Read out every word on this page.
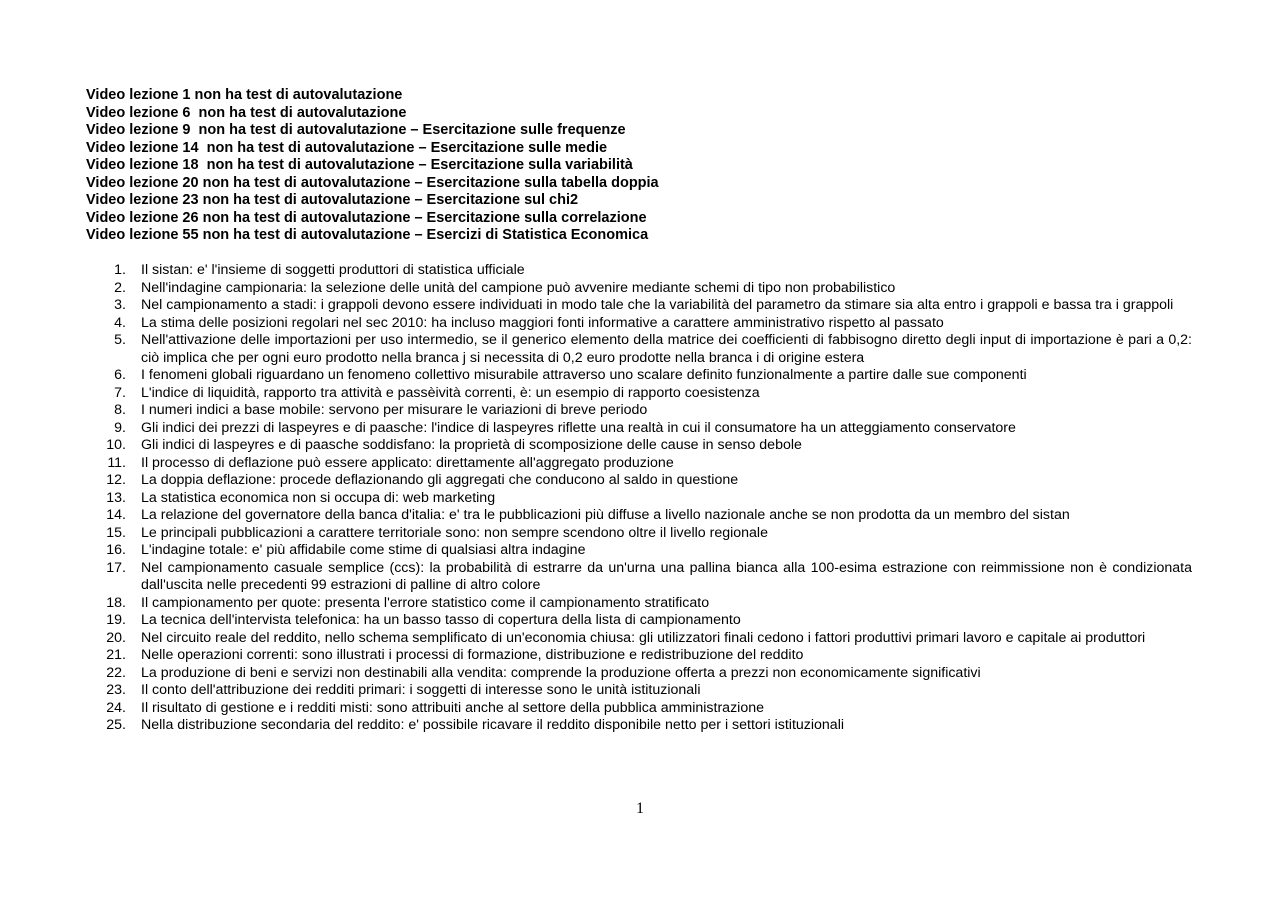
Video lezione 1 non ha test di autovalutazione
Video lezione 6  non ha test di autovalutazione
Video lezione 9  non ha test di autovalutazione – Esercitazione sulle frequenze
Video lezione 14  non ha test di autovalutazione – Esercitazione sulle medie
Video lezione 18  non ha test di autovalutazione – Esercitazione sulla variabilità
Video lezione 20 non ha test di autovalutazione – Esercitazione sulla tabella doppia
Video lezione 23 non ha test di autovalutazione – Esercitazione sul chi2
Video lezione 26 non ha test di autovalutazione – Esercitazione sulla correlazione
Video lezione 55 non ha test di autovalutazione – Esercizi di Statistica Economica
1. Il sistan: e' l'insieme di soggetti produttori di statistica ufficiale
2. Nell'indagine campionaria: la selezione delle unità del campione può avvenire mediante schemi di tipo non probabilistico
3. Nel campionamento a stadi: i grappoli devono essere individuati in modo tale che la variabilità del parametro da stimare sia alta entro i grappoli e bassa tra i grappoli
4. La stima delle posizioni regolari nel sec 2010: ha incluso maggiori fonti informative a carattere amministrativo rispetto al passato
5. Nell'attivazione delle importazioni per uso intermedio, se il generico elemento della matrice dei coefficienti di fabbisogno diretto degli input di importazione è pari a 0,2: ciò implica che per ogni euro prodotto nella branca j si necessita di 0,2 euro prodotte nella branca i di origine estera
6. I fenomeni globali riguardano un fenomeno collettivo misurabile attraverso uno scalare definito funzionalmente a partire dalle sue componenti
7. L'indice di liquidità, rapporto tra attività e passèività correnti, è: un esempio di rapporto coesistenza
8. I numeri indici a base mobile: servono per misurare le variazioni di breve periodo
9. Gli indici dei prezzi di laspeyres e di paasche: l'indice di laspeyres riflette una realtà in cui il consumatore ha un atteggiamento conservatore
10. Gli indici di laspeyres e di paasche soddisfano: la proprietà di scomposizione delle cause in senso debole
11. Il processo di deflazione può essere applicato: direttamente all'aggregato produzione
12. La doppia deflazione: procede deflazionando gli aggregati che conducono al saldo in questione
13. La statistica economica non si occupa di: web marketing
14. La relazione del governatore della banca d'italia: e' tra le pubblicazioni più diffuse a livello nazionale anche se non prodotta da un membro del sistan
15. Le principali pubblicazioni a carattere territoriale sono: non sempre scendono oltre il livello regionale
16. L'indagine totale: e' più affidabile come stime di qualsiasi altra indagine
17. Nel campionamento casuale semplice (ccs): la probabilità di estrarre da un'urna una pallina bianca alla 100-esima estrazione con reimmissione non è condizionata dall'uscita nelle precedenti 99 estrazioni di palline di altro colore
18. Il campionamento per quote: presenta l'errore statistico come il campionamento stratificato
19. La tecnica dell'intervista telefonica: ha un basso tasso di copertura della lista di campionamento
20. Nel circuito reale del reddito, nello schema semplificato di un'economia chiusa: gli utilizzatori finali cedono i fattori produttivi primari lavoro e capitale ai produttori
21. Nelle operazioni correnti: sono illustrati i processi di formazione, distribuzione e redistribuzione del reddito
22. La produzione di beni e servizi non destinabili alla vendita: comprende la produzione offerta a prezzi non economicamente significativi
23. Il conto dell'attribuzione dei redditi primari: i soggetti di interesse sono le unità istituzionali
24. Il risultato di gestione e i redditi misti: sono attribuiti anche al settore della pubblica amministrazione
25. Nella distribuzione secondaria del reddito: e' possibile ricavare il reddito disponibile netto per i settori istituzionali
1
